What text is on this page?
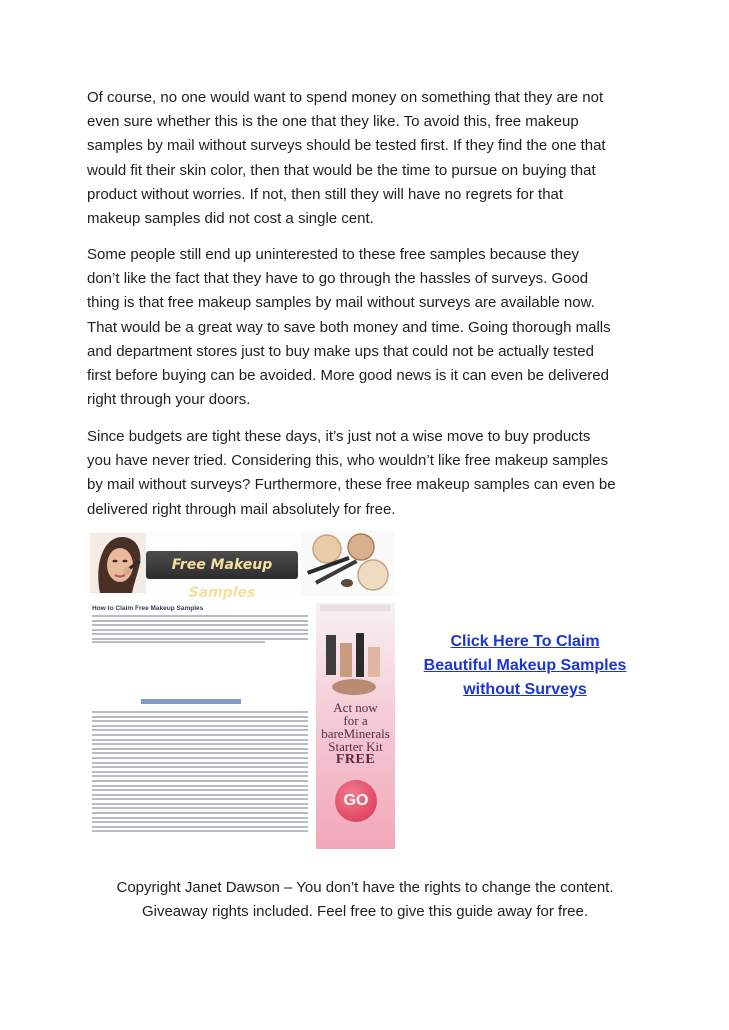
Of course, no one would want to spend money on something that they are not
even sure whether this is the one that they like. To avoid this, free makeup
samples by mail without surveys should be tested first. If they find the one that
would fit their skin color, then that would be the time to pursue on buying that
product without worries. If not, then still they will have no regrets for that
makeup samples did not cost a single cent.
Some people still end up uninterested to these free samples because they
don’t like the fact that they have to go through the hassles of surveys. Good
thing is that free makeup samples by mail without surveys are available now.
That would be a great way to save both money and time. Going thorough malls
and department stores just to buy make ups that could not be actually tested
first before buying can be avoided. More good news is it can even be delivered
right through your doors.
Since budgets are tight these days, it’s just not a wise move to buy products
you have never tried. Considering this, who wouldn’t like free makeup samples
by mail without surveys? Furthermore, these free makeup samples can even be
delivered right through mail absolutely for free.
Free Makeup Samples
How to Claim Free Makeup Samples
Act now
for a
bareMinerals
Starter Kit
FREE
GO
Click Here To Claim
Beautiful Makeup Samples
without Surveys
Copyright Janet Dawson – You don’t have the rights to change the content.
Giveaway rights included. Feel free to give this guide away for free.
